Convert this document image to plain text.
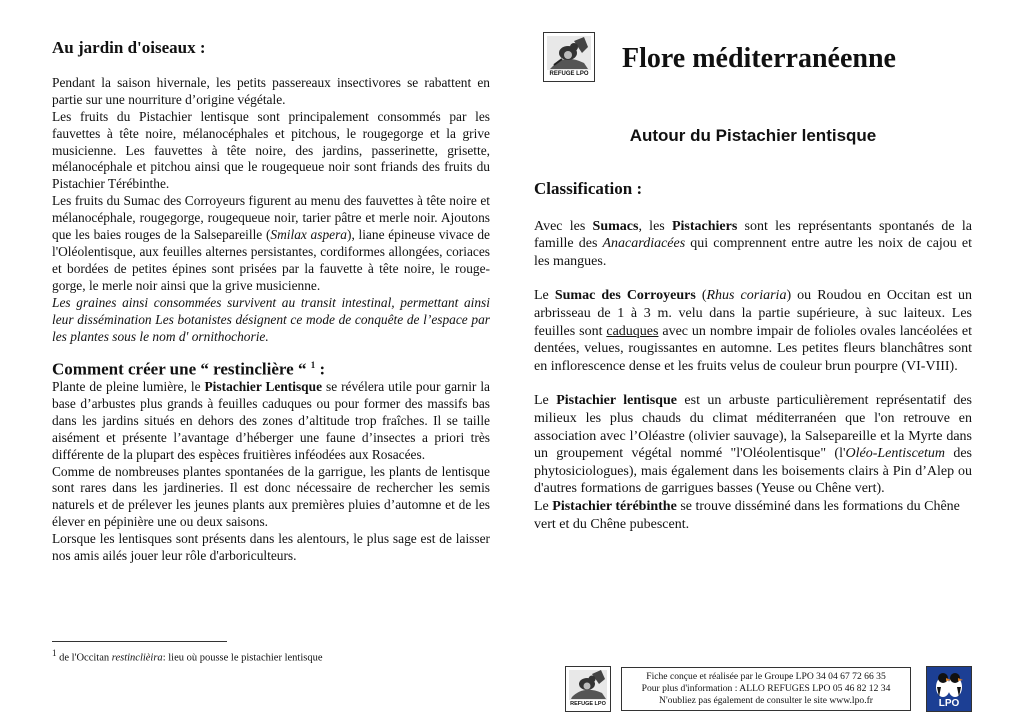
Au jardin d'oiseaux :

Pendant la saison hivernale, les petits passereaux insectivores se rabattent en partie sur une nourriture d’origine végétale.

Les fruits du Pistachier lentisque sont principalement consommés par les fauvettes à tête noire, mélanocéphales et pitchous, le rougegorge et la grive musicienne. Les fauvettes à tête noire, des jardins, passerinette, grisette, mélanocéphale et pitchou ainsi que le rougequeue noir sont friands des fruits du Pistachier Térébinthe.

Les fruits du Sumac des Corroyeurs figurent au menu des fauvettes à tête noire et mélanocéphale, rougegorge, rougequeue noir, tarier pâtre et merle noir. Ajoutons que les baies rouges de la Salsepareille (Smilax aspera), liane épineuse vivace de l'Oléolentisque, aux feuilles alternes persistantes, cordiformes allongées, coriaces et bordées de petites épines sont prisées par la fauvette à tête noire, le rouge-gorge, le merle noir ainsi que la grive musicienne.

Les graines ainsi consommées survivent au transit intestinal, permettant ainsi leur dissémination Les botanistes désignent ce mode de conquête de l’espace par les plantes sous le nom d' ornithochorie.

Comment créer une “ restinclière “ $^1$ :

Plante de pleine lumière, le Pistachier Lentisque se révélera utile pour garnir la base d’arbustes plus grands à feuilles caduques ou pour former des massifs bas dans les jardins situés en dehors des zones d’altitude trop fraîches. Il se taille aisément et présente l’avantage d’héberger une faune d’insectes a priori très différente de la plupart des espèces fruitières inféodées aux Rosacées.

Comme de nombreuses plantes spontanées de la garrigue, les plants de lentisque sont rares dans les jardineries. Il est donc nécessaire de rechercher les semis naturels et de prélever les jeunes plants aux premières pluies d’automne et de les élever en pépinière une ou deux saisons.

Lorsque les lentisques sont présents dans les alentours, le plus sage est de laisser nos amis ailés jouer leur rôle d'arboriculteurs.

$^1$ de l'Occitan restinclièira: lieu où pousse le pistachier lentisque
REFUGE LPO Flore méditerranéenne
Autour du Pistachier lentisque
Classification :

Avec les Sumacs, les Pistachiers sont les représentants spontanés de la famille des Anacardiacées qui comprennent entre autre les noix de cajou et les mangues.

Le Sumac des Corroyeurs (Rhus coriaria) ou Roudou en Occitan est un arbrisseau de 1 à 3 m. velu dans la partie supérieure, à suc laiteux. Les feuilles sont caduques avec un nombre impair de folioles ovales lancéolées et dentées, velues, rougissantes en automne. Les petites fleurs blanchâtres sont en inflorescence dense et les fruits velus de couleur brun pourpre (VI-VIII).

Le Pistachier lentisque est un arbuste particulièrement représentatif des milieux les plus chauds du climat méditerranéen que l'on retrouve en association avec l’Oléastre (olivier sauvage), la Salsepareille et la Myrte dans un groupement végétal nommé "l'Oléolentisque" (l'Oléo-Lentiscetum des phytosiciologues), mais également dans les boisements clairs à Pin d’Alep ou d'autres formations de garrigues basses (Yeuse ou Chêne vert).

Le Pistachier térébinthe se trouve disséminé dans les formations du Chêne vert et du Chêne pubescent.

REFUGE LPO
Fiche conçue et réalisée par le Groupe LPO 34 04 67 72 66 35
Pour plus d'information : ALLO REFUGES LPO 05 46 82 12 34
N'oubliez pas également de consulter le site www.lpo.fr	LPO
